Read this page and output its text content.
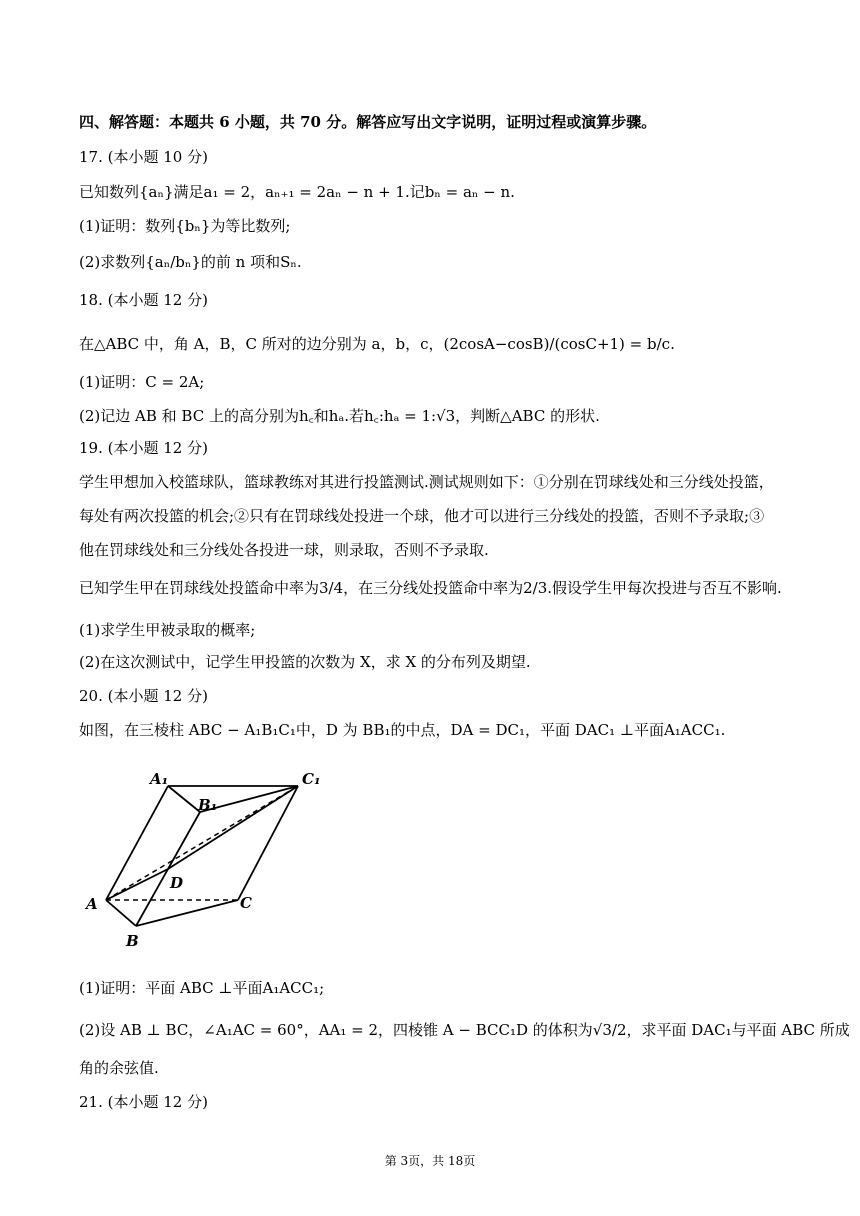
四、解答题：本题共 6 小题，共 70 分。解答应写出文字说明，证明过程或演算步骤。
17. (本小题 10 分)
已知数列{aₙ}满足a₁ = 2，aₙ₊₁ = 2aₙ − n + 1.记bₙ = aₙ − n.
(1)证明：数列{bₙ}为等比数列;
(2)求数列{aₙ/bₙ}的前 n 项和Sₙ.
18. (本小题 12 分)
在△ABC 中，角 A，B，C 所对的边分别为 a，b，c，(2cosA−cosB)/(cosC+1) = b/c.
(1)证明：C = 2A;
(2)记边 AB 和 BC 上的高分别为h꜀和hₐ.若h꜀:hₐ = 1:√3，判断△ABC 的形状.
19. (本小题 12 分)
学生甲想加入校篮球队，篮球教练对其进行投篮测试.测试规则如下：①分别在罚球线处和三分线处投篮，
每处有两次投篮的机会;②只有在罚球线处投进一个球，他才可以进行三分线处的投篮，否则不予录取;③
他在罚球线处和三分线处各投进一球，则录取，否则不予录取.
已知学生甲在罚球线处投篮命中率为3/4，在三分线处投篮命中率为2/3.假设学生甲每次投进与否互不影响.
(1)求学生甲被录取的概率;
(2)在这次测试中，记学生甲投篮的次数为 X，求 X 的分布列及期望.
20. (本小题 12 分)
如图，在三棱柱 ABC − A₁B₁C₁中，D 为 BB₁的中点，DA = DC₁，平面 DAC₁ ⊥平面A₁ACC₁.
A₁
B₁
C₁
A
B
C
D
(1)证明：平面 ABC ⊥平面A₁ACC₁;
(2)设 AB ⊥ BC，∠A₁AC = 60°，AA₁ = 2，四棱锥 A − BCC₁D 的体积为√3/2，求平面 DAC₁与平面 ABC 所成
角的余弦值.
21. (本小题 12 分)
第 3页，共 18页
